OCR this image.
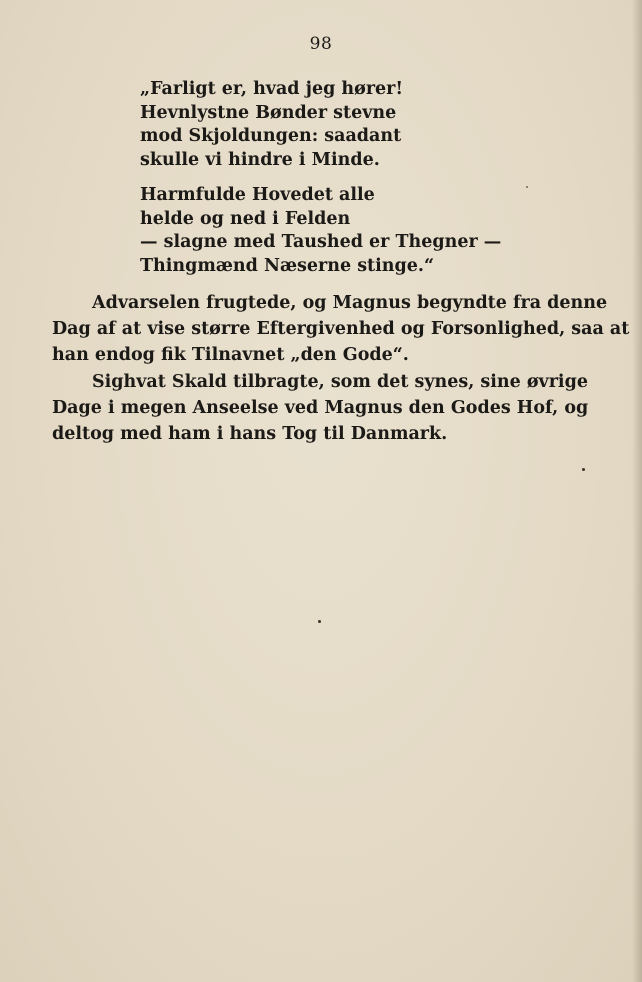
98
„Farligt er, hvad jeg hører!
Hevnlystne Bønder stevne
mod Skjoldungen: saadant
skulle vi hindre i Minde.
Harmfulde Hovedet alle
helde og ned i Felden
— slagne med Taushed er Thegner —
Thingmænd Næserne stinge.“
Advarselen frugtede, og Magnus begyndte fra denne
Dag af at vise større Eftergivenhed og Forsonlighed, saa at
han endog fik Tilnavnet „den Gode“.
Sighvat Skald tilbragte, som det synes, sine øvrige
Dage i megen Anseelse ved Magnus den Godes Hof, og
deltog med ham i hans Tog til Danmark.
